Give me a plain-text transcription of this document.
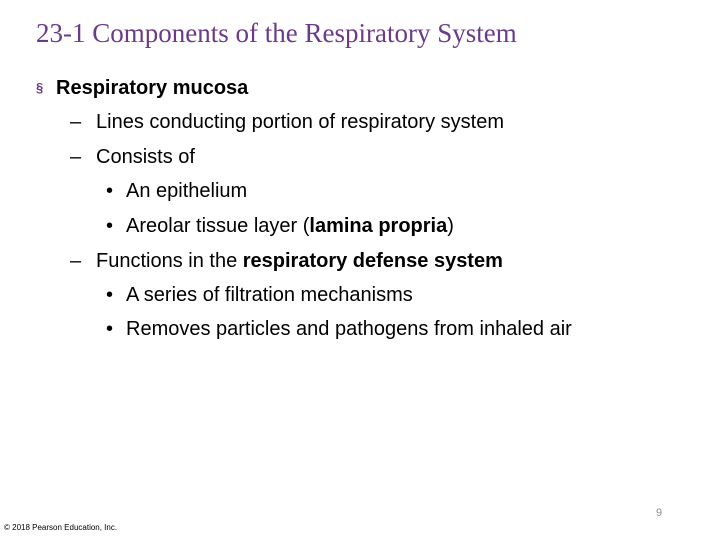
23-1 Components of the Respiratory System
§ Respiratory mucosa
– Lines conducting portion of respiratory system
– Consists of
• An epithelium
• Areolar tissue layer (lamina propria)
– Functions in the respiratory defense system
• A series of filtration mechanisms
• Removes particles and pathogens from inhaled air
9
© 2018 Pearson Education, Inc.
